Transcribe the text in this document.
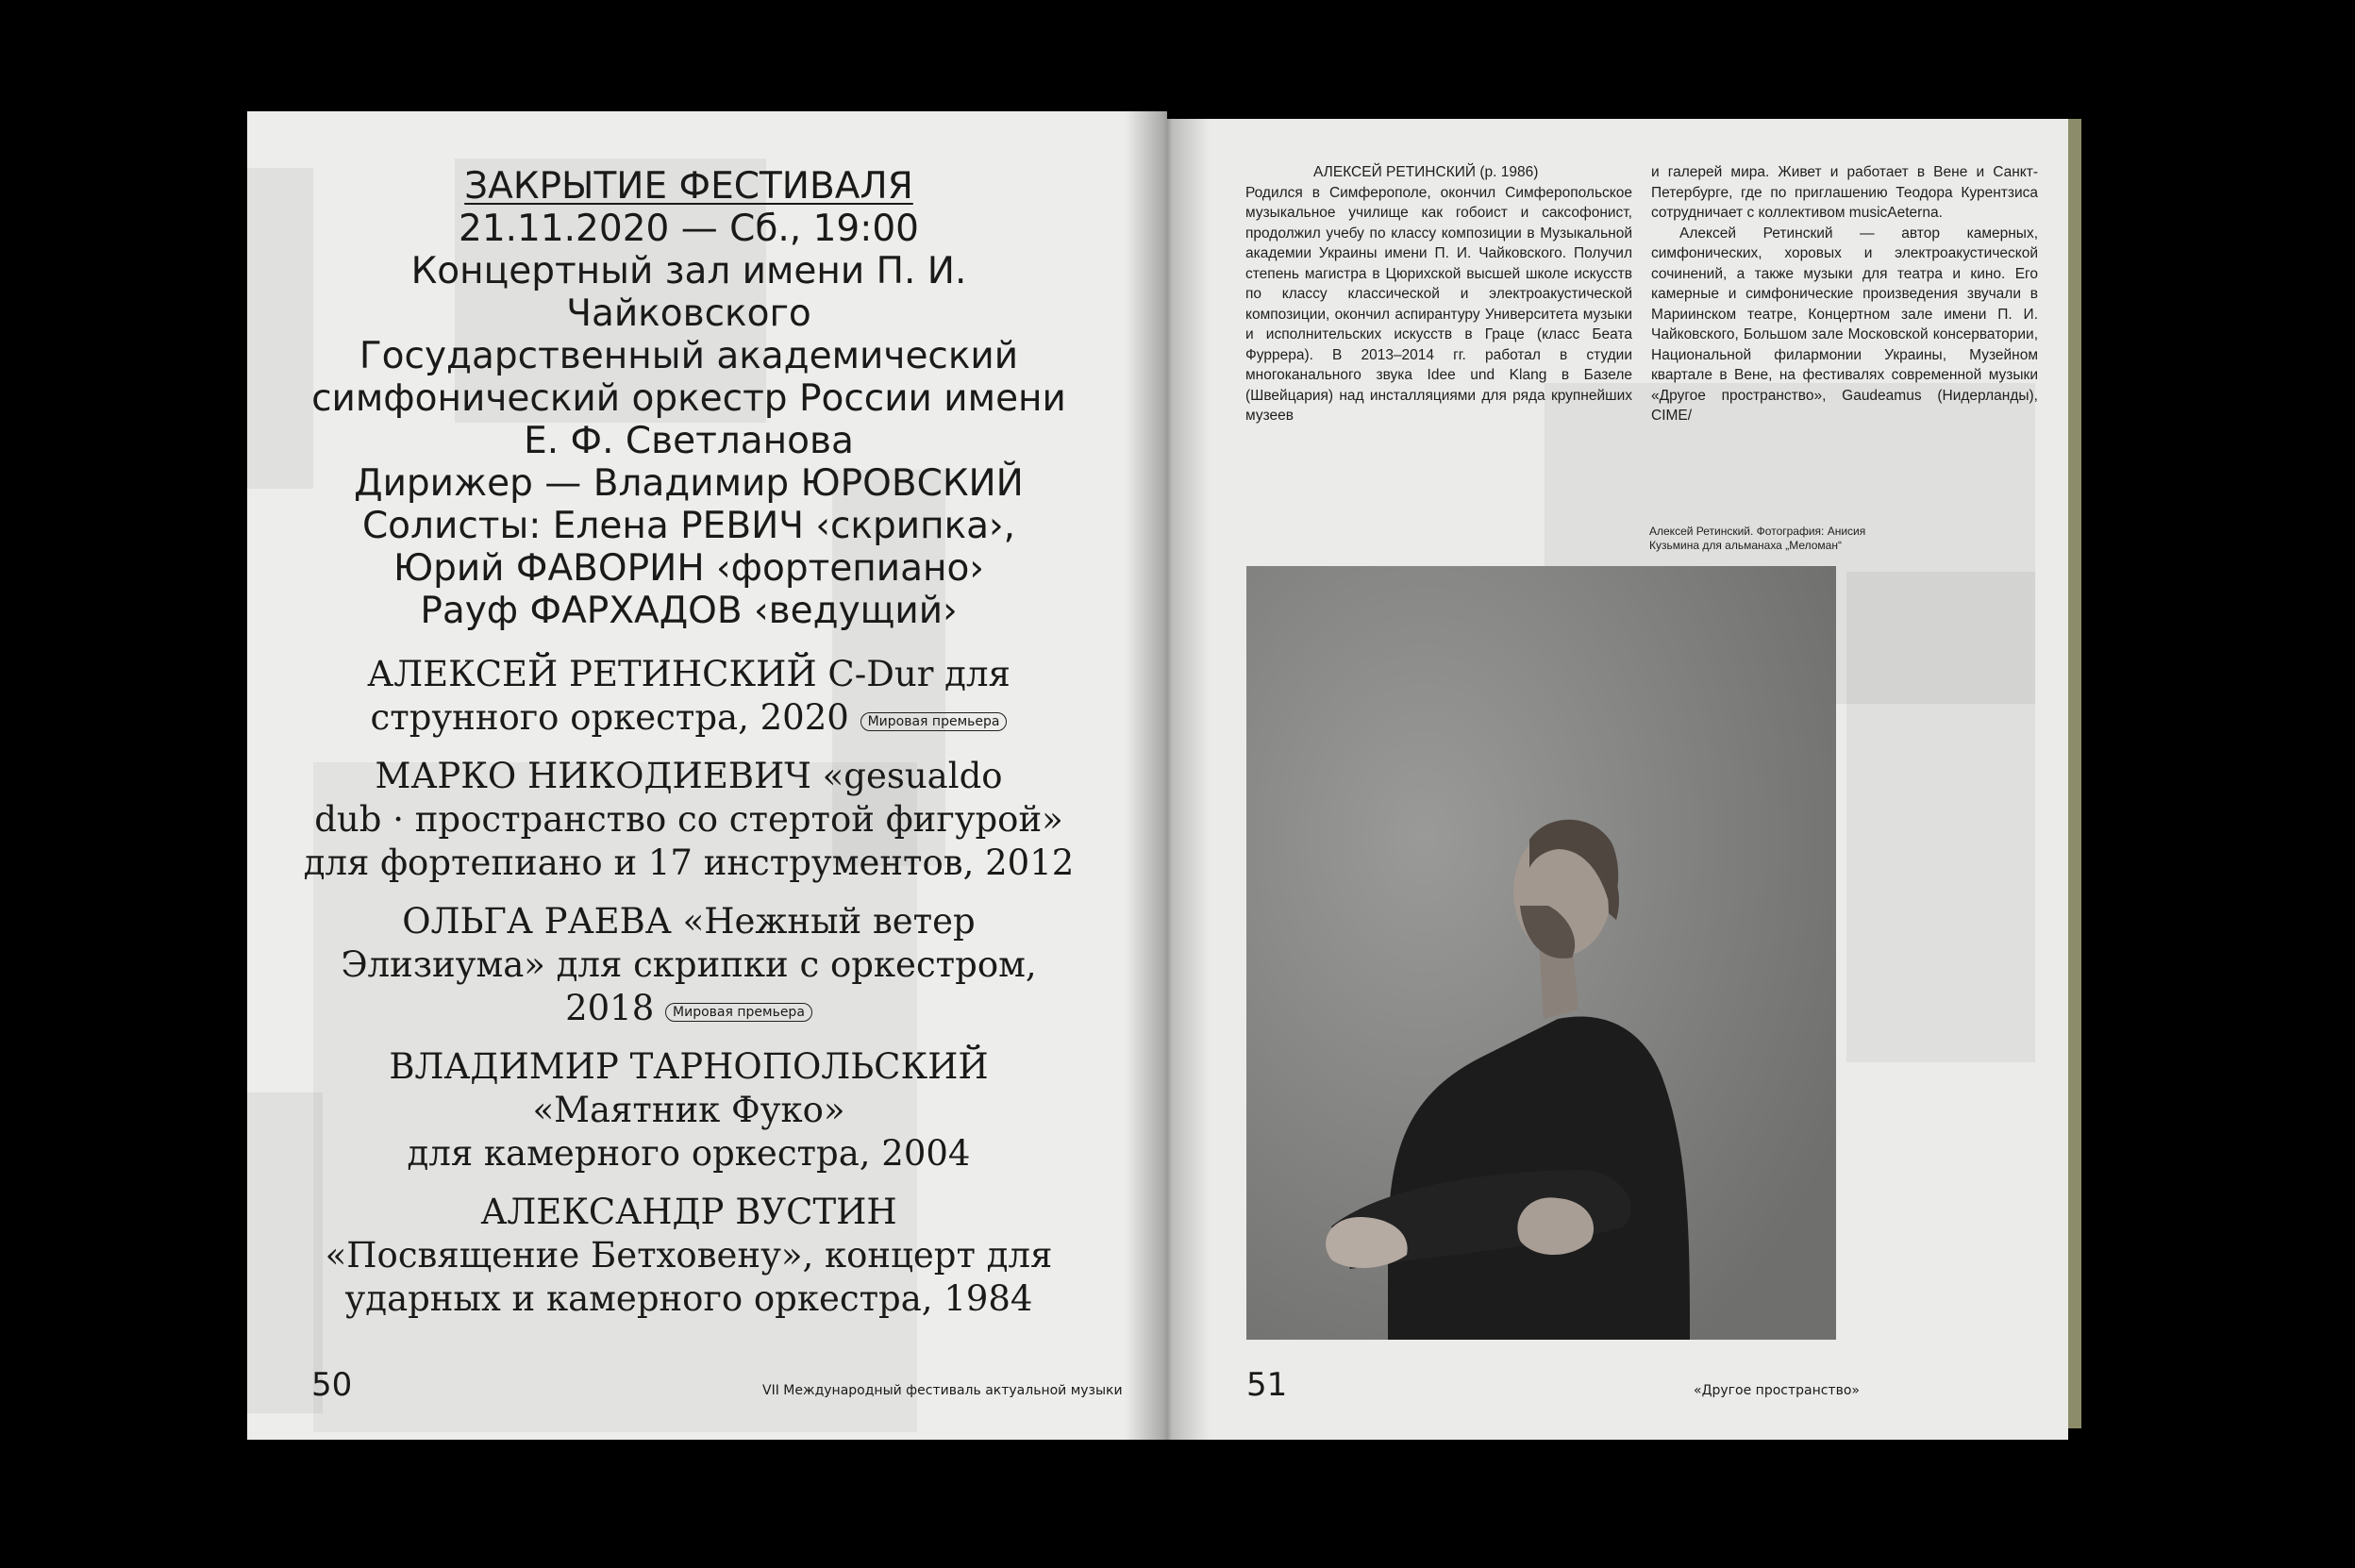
ЗАКРЫТИЕ ФЕСТИВАЛЯ
21.11.2020 — Сб., 19:00
Концертный зал имени П. И. Чайковского
Государственный академический
симфонический оркестр России имени
Е. Ф. Светланова
Дирижер — Владимир ЮРОВСКИЙ
Солисты: Елена РЕВИЧ ‹скрипка›,
Юрий ФАВОРИН ‹фортепиано›
Рауф ФАРХАДОВ ‹ведущий›
АЛЕКСЕЙ РЕТИНСКИЙ C-Dur для
струнного оркестра, 2020 Мировая премьера
МАРКО НИКОДИЕВИЧ «gesualdo
dub · пространство со стертой фигурой»
для фортепиано и 17 инструментов, 2012
ОЛЬГА РАЕВА «Нежный ветер
Элизиума» для скрипки с оркестром,
2018 Мировая премьера
ВЛАДИМИР ТАРНОПОЛЬСКИЙ
«Маятник Фуко»
для камерного оркестра, 2004
АЛЕКСАНДР ВУСТИН
«Посвящение Бетховену», концерт для
ударных и камерного оркестра, 1984
50	VII Международный фестиваль актуальной музыки

АЛЕКСЕЙ РЕТИНСКИЙ (р. 1986)

Родился в Симферополе, окончил Симферопольское музыкальное училище как гобоист и саксофонист, продолжил учебу по классу композиции в Музыкальной академии Украины имени П. И. Чайковского. Получил степень магистра в Цюрихской высшей школе искусств по классу классической и электроакустической композиции, окончил аспирантуру Университета музыки и исполнительских искусств в Граце (класс Беата Фуррера). В 2013–2014 гг. работал в студии многоканального звука Idee und Klang в Базеле (Швейцария) над инсталляциями для ряда крупнейших музеев

и галерей мира. Живет и работает в Вене и Санкт-Петербурге, где по приглашению Теодора Курентзиса сотрудничает с коллективом musicAeterna.

Алексей Ретинский — автор камерных, симфонических, хоровых и электроакустической сочинений, а также музыки для театра и кино. Его камерные и симфонические произведения звучали в Мариинском театре, Концертном зале имени П. И. Чайковского, Большом зале Московской консерватории, Национальной филармонии Украины, Музейном квартале в Вене, на фестивалях современной музыки «Другое пространство», Gaudeamus (Нидерланды), CIME/

Алексей Ретинский. Фотография: Анисия
Кузьмина для альманаха „Меломан“
51	«Другое пространство»
